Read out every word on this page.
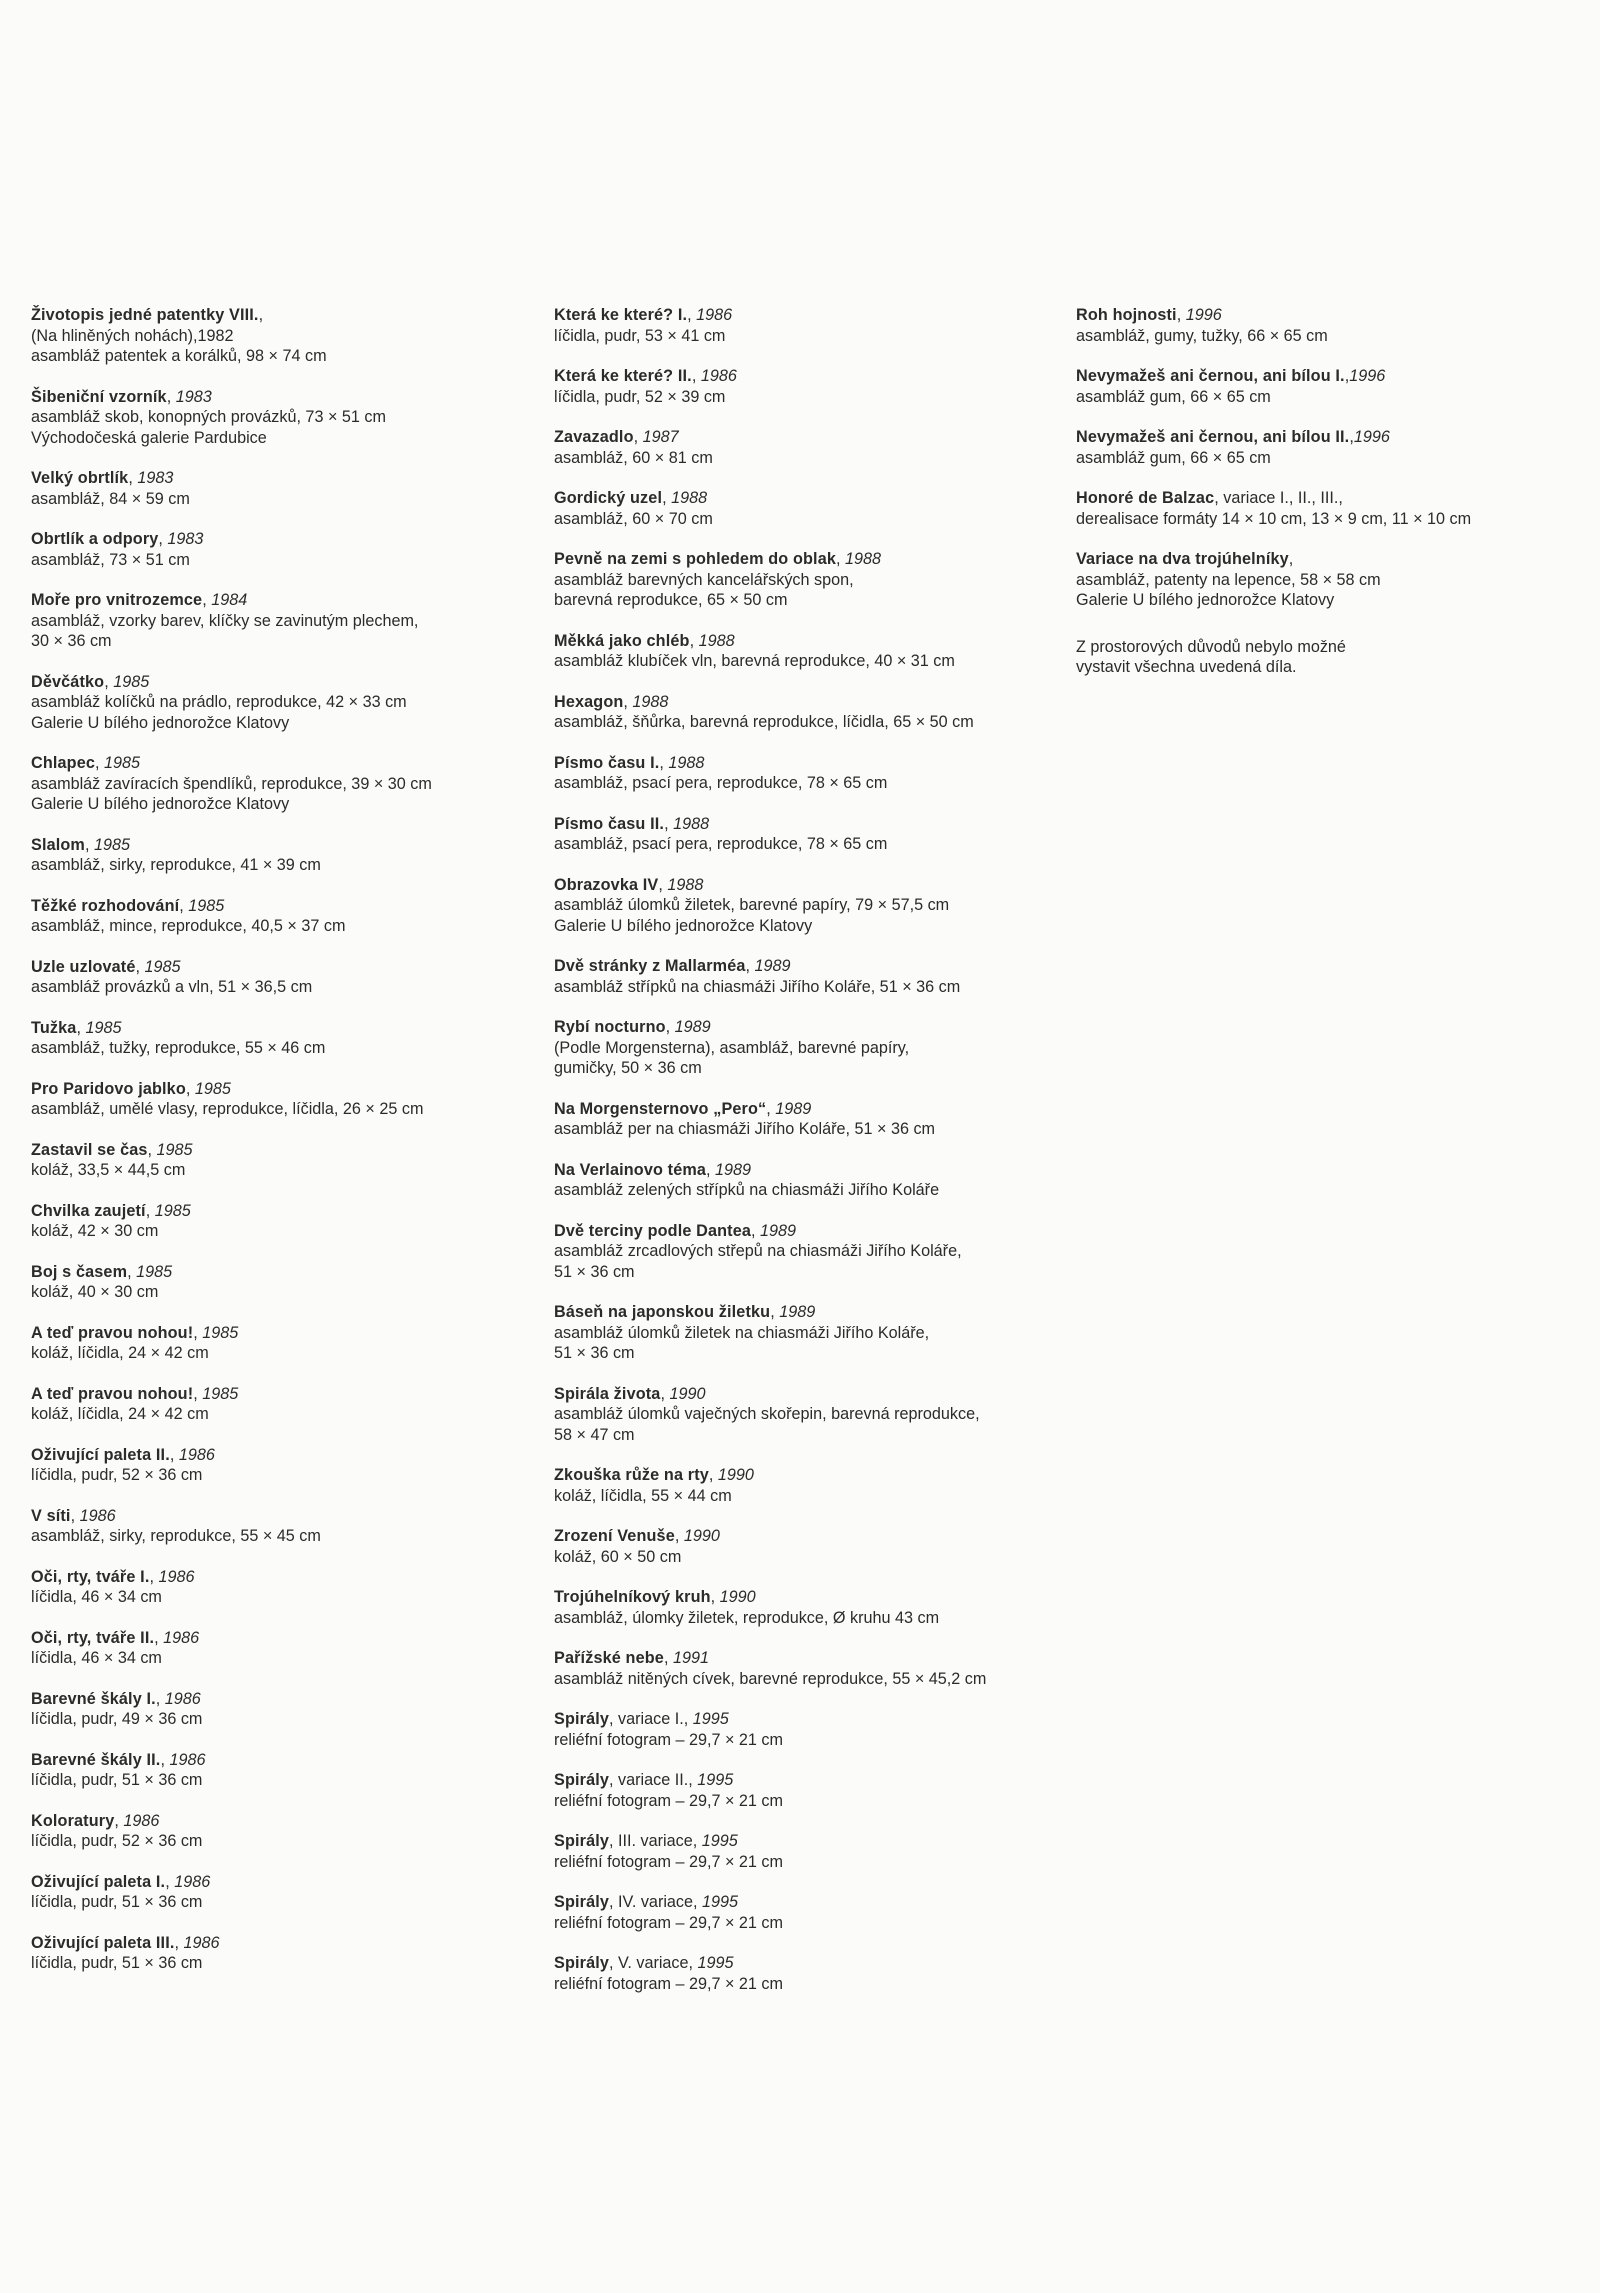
Životopis jedné patentky VIII.,
(Na hliněných nohách),1982
asambláž patentek a korálků, 98 × 74 cm
Šibeniční vzorník, 1983
asambláž skob, konopných provázků, 73 × 51 cm
Východočeská galerie Pardubice
Velký obrtlík, 1983
asambláž, 84 × 59 cm
Obrtlík a odpory, 1983
asambláž, 73 × 51 cm
Moře pro vnitrozemce, 1984
asambláž, vzorky barev, klíčky se zavinutým plechem,
30 × 36 cm
Děvčátko, 1985
asambláž kolíčků na prádlo, reprodukce, 42 × 33 cm
Galerie U bílého jednorožce Klatovy
Chlapec, 1985
asambláž zavíracích špendlíků, reprodukce, 39 × 30 cm
Galerie U bílého jednorožce Klatovy
Slalom, 1985
asambláž, sirky, reprodukce, 41 × 39 cm
Těžké rozhodování, 1985
asambláž, mince, reprodukce, 40,5 × 37 cm
Uzle uzlovaté, 1985
asambláž provázků a vln, 51 × 36,5 cm
Tužka, 1985
asambláž, tužky, reprodukce, 55 × 46 cm
Pro Paridovo jablko, 1985
asambláž, umělé vlasy, reprodukce, líčidla, 26 × 25 cm
Zastavil se čas, 1985
koláž, 33,5 × 44,5 cm
Chvilka zaujetí, 1985
koláž, 42 × 30 cm
Boj s časem, 1985
koláž, 40 × 30 cm
A teď pravou nohou!, 1985
koláž, líčidla, 24 × 42 cm
A teď pravou nohou!, 1985
koláž, líčidla, 24 × 42 cm
Oživující paleta II., 1986
líčidla, pudr, 52 × 36 cm
V síti, 1986
asambláž, sirky, reprodukce, 55 × 45 cm
Oči, rty, tváře I., 1986
líčidla, 46 × 34 cm
Oči, rty, tváře II., 1986
líčidla, 46 × 34 cm
Barevné škály I., 1986
líčidla, pudr, 49 × 36 cm
Barevné škály II., 1986
líčidla, pudr, 51 × 36 cm
Koloratury, 1986
líčidla, pudr, 52 × 36 cm
Oživující paleta I., 1986
líčidla, pudr, 51 × 36 cm
Oživující paleta III., 1986
líčidla, pudr, 51 × 36 cm
Která ke které? I., 1986
líčidla, pudr, 53 × 41 cm
Která ke které? II., 1986
líčidla, pudr, 52 × 39 cm
Zavazadlo, 1987
asambláž, 60 × 81 cm
Gordický uzel, 1988
asambláž, 60 × 70 cm
Pevně na zemi s pohledem do oblak, 1988
asambláž barevných kancelářských spon,
barevná reprodukce, 65 × 50 cm
Měkká jako chléb, 1988
asambláž klubíček vln, barevná reprodukce, 40 × 31 cm
Hexagon, 1988
asambláž, šňůrka, barevná reprodukce, líčidla, 65 × 50 cm
Písmo času I., 1988
asambláž, psací pera, reprodukce, 78 × 65 cm
Písmo času II., 1988
asambláž, psací pera, reprodukce, 78 × 65 cm
Obrazovka IV, 1988
asambláž úlomků žiletek, barevné papíry, 79 × 57,5 cm
Galerie U bílého jednorožce Klatovy
Dvě stránky z Mallarméa, 1989
asambláž střípků na chiasmáži Jiřího Koláře, 51 × 36 cm
Rybí nocturno, 1989
(Podle Morgensterna), asambláž, barevné papíry,
gumičky, 50 × 36 cm
Na Morgensternovo „Pero“, 1989
asambláž per na chiasmáži Jiřího Koláře, 51 × 36 cm
Na Verlainovo téma, 1989
asambláž zelených střípků na chiasmáži Jiřího Koláře
Dvě terciny podle Dantea, 1989
asambláž zrcadlových střepů na chiasmáži Jiřího Koláře,
51 × 36 cm
Báseň na japonskou žiletku, 1989
asambláž úlomků žiletek na chiasmáži Jiřího Koláře,
51 × 36 cm
Spirála života, 1990
asambláž úlomků vaječných skořepin, barevná reprodukce,
58 × 47 cm
Zkouška růže na rty, 1990
koláž, líčidla, 55 × 44 cm
Zrození Venuše, 1990
koláž, 60 × 50 cm
Trojúhelníkový kruh, 1990
asambláž, úlomky žiletek, reprodukce, Ø kruhu 43 cm
Pařížské nebe, 1991
asambláž nitěných cívek, barevné reprodukce, 55 × 45,2 cm
Spirály, variace I., 1995
reliéfní fotogram – 29,7 × 21 cm
Spirály, variace II., 1995
reliéfní fotogram – 29,7 × 21 cm
Spirály, III. variace, 1995
reliéfní fotogram – 29,7 × 21 cm
Spirály, IV. variace, 1995
reliéfní fotogram – 29,7 × 21 cm
Spirály, V. variace, 1995
reliéfní fotogram – 29,7 × 21 cm
Roh hojnosti, 1996
asambláž, gumy, tužky, 66 × 65 cm
Nevymažeš ani černou, ani bílou I.,1996
asambláž gum, 66 × 65 cm
Nevymažeš ani černou, ani bílou II.,1996
asambláž gum, 66 × 65 cm
Honoré de Balzac, variace I., II., III.,
derealisace formáty 14 × 10 cm, 13 × 9 cm, 11 × 10 cm
Variace na dva trojúhelníky,
asambláž, patenty na lepence, 58 × 58 cm
Galerie U bílého jednorožce Klatovy
Z prostorových důvodů nebylo možné
vystavit všechna uvedená díla.
